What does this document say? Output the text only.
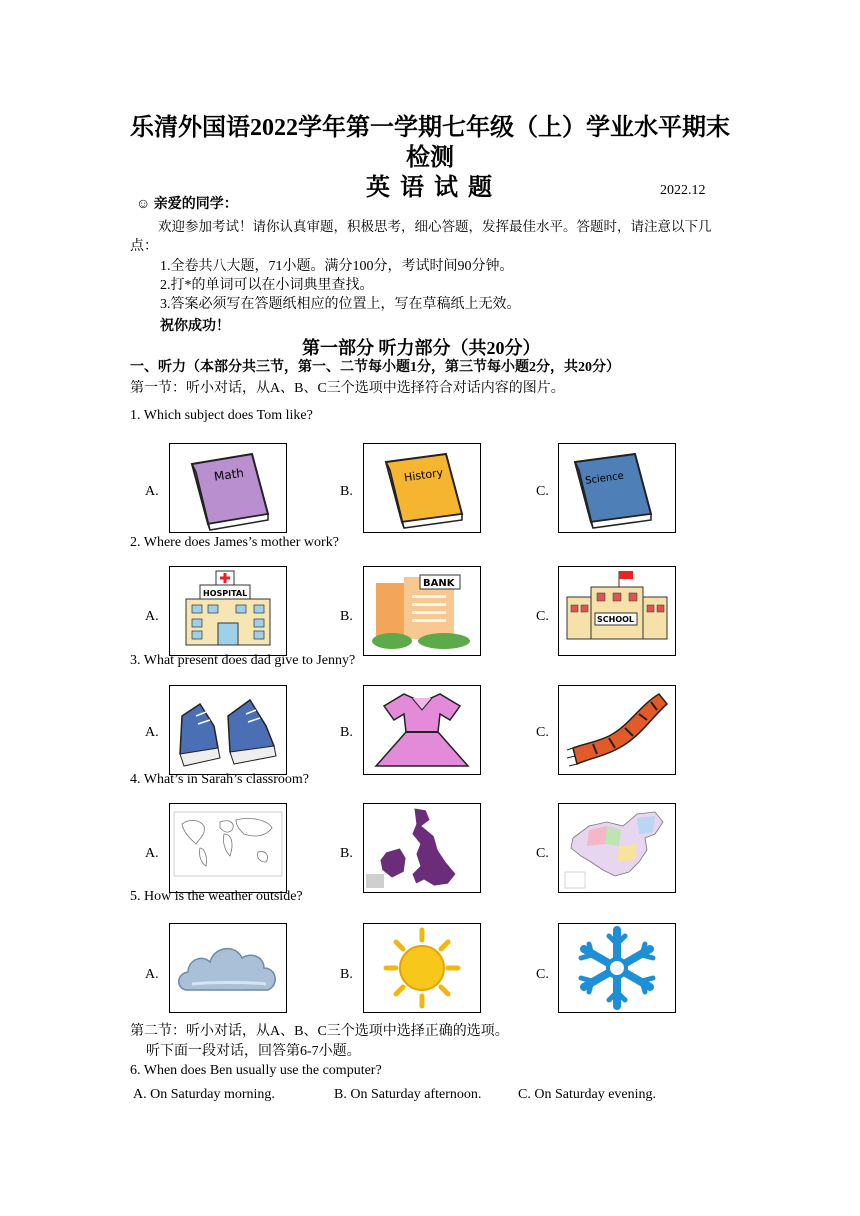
乐清外国语2022学年第一学期七年级（上）学业水平期末
检测
英 语 试 题	2022.12
☺ 亲爱的同学：
欢迎参加考试！请你认真审题，积极思考，细心答题，发挥最佳水平。答题时，请注意以下几
点：
1.全卷共八大题，71小题。满分100分，考试时间90分钟。
2.打*的单词可以在小词典里查找。
3.答案必须写在答题纸相应的位置上，写在草稿纸上无效。
祝你成功！
第一部分 听力部分（共20分）
一、听力（本部分共三节，第一、二节每小题1分，第三节每小题2分，共20分）
第一节：听小对话，从A、B、C三个选项中选择符合对话内容的图片。
1. Which subject does Tom like?
A.	B.	C.
Math	History	Science
2. Where does James’s mother work?
A.	B.	C.
HOSPITAL
BANK
SCHOOL
3. What present does dad give to Jenny?
A.	B.	C.
4. What’s in Sarah’s classroom?
A.	B.	C.
5. How is the weather outside?
A.	B.	C.
第二节：听小对话，从A、B、C三个选项中选择正确的选项。
听下面一段对话，回答第6-7小题。
6. When does Ben usually use the computer?
A. On Saturday morning.	B. On Saturday afternoon.	C. On Saturday evening.
